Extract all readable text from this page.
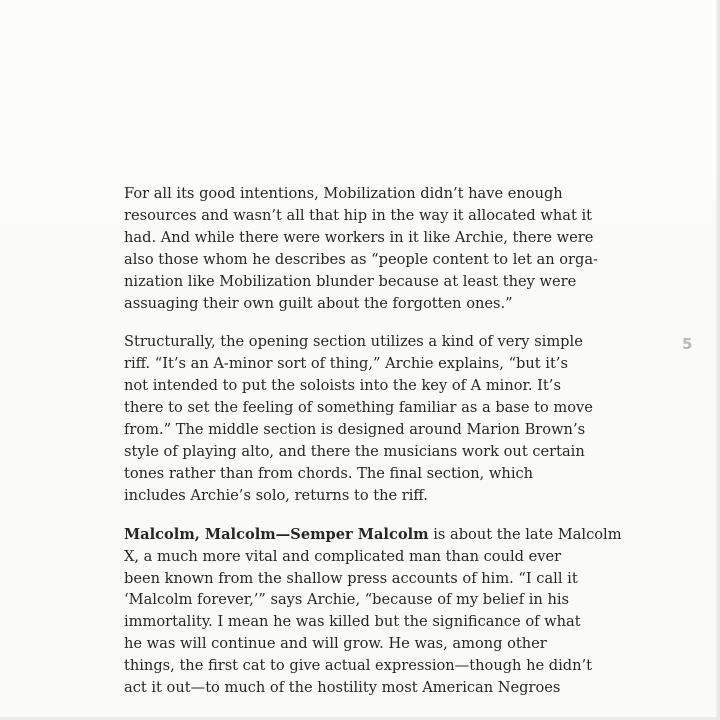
For all its good intentions, Mobilization didn’t have enough
resources and wasn’t all that hip in the way it allocated what it
had. And while there were workers in it like Archie, there were
also those whom he describes as “people content to let an orga-
nization like Mobilization blunder because at least they were
assuaging their own guilt about the forgotten ones.”

Structurally, the opening section utilizes a kind of very simple
riff. “It’s an A-minor sort of thing,” Archie explains, “but it’s
not intended to put the soloists into the key of A minor. It’s
there to set the feeling of something familiar as a base to move
from.” The middle section is designed around Marion Brown’s
style of playing alto, and there the musicians work out certain
tones rather than from chords. The final section, which
includes Archie’s solo, returns to the riff.

Malcolm, Malcolm—Semper Malcolm is about the late Malcolm
X, a much more vital and complicated man than could ever
been known from the shallow press accounts of him. “I call it
‘Malcolm forever,’” says Archie, “because of my belief in his
immortality. I mean he was killed but the significance of what
he was will continue and will grow. He was, among other
things, the first cat to give actual expression—though he didn’t
act it out—to much of the hostility most American Negroes

5
